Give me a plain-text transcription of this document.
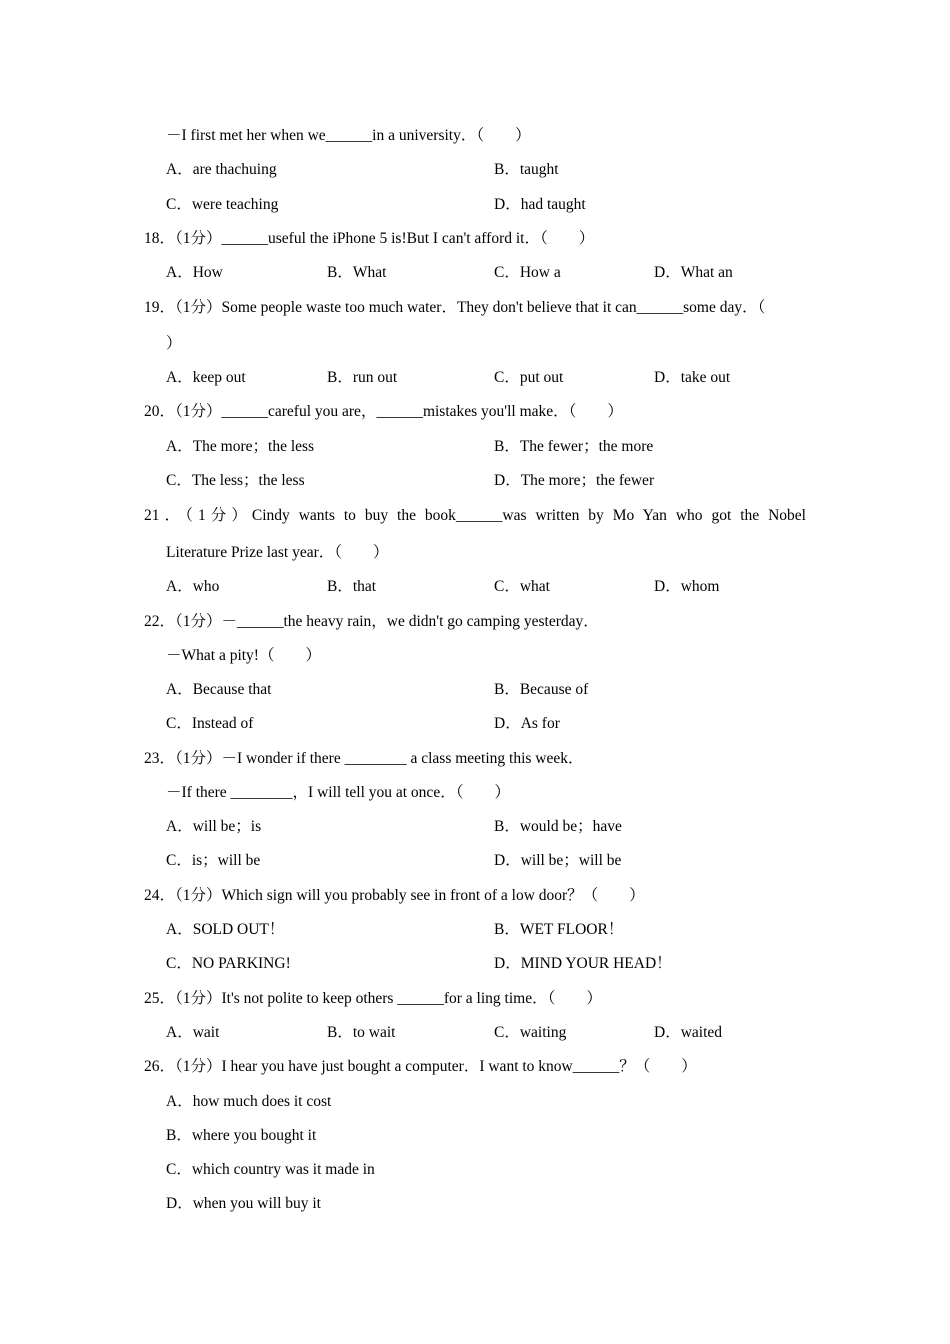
－I first met her when we______in a university．（　　）
A．are thachuing	B．taught
C．were teaching	D．had taught
18．（1分）______useful the iPhone 5 is!But I can't afford it．（　　）
A．How	B．What	C．How a	D．What an
19．（1分）Some people waste too much water．They don't believe that it can______some day．（
）
A．keep out	B．run out	C．put out	D．take out
20．（1分）______careful you are，______mistakes you'll make．（　　）
A．The more；the less	B．The fewer；the more
C．The less；the less	D．The more；the fewer
21．（1分）Cindy wants to buy the book______was written by Mo Yan who got the Nobel
Literature Prize last year．（　　）
A．who	B．that	C．what	D．whom
22．（1分）－______the heavy rain，we didn't go camping yesterday．
－What a pity!（　　）
A．Because that	B．Because of
C．Instead of	D．As for
23．（1分）－I wonder if there ________ a class meeting this week．
－If there ________，I will tell you at once．（　　）
A．will be；is	B．would be；have
C．is；will be	D．will be；will be
24．（1分）Which sign will you probably see in front of a low door？（　　）
A．SOLD OUT！	B．WET FLOOR！
C．NO PARKING!	D．MIND YOUR HEAD！
25．（1分）It's not polite to keep others ______for a ling time．（　　）
A．wait	B．to wait	C．waiting	D．waited
26．（1分）I hear you have just bought a computer．I want to know______？（　　）
A．how much does it cost
B．where you bought it
C．which country was it made in
D．when you will buy it
